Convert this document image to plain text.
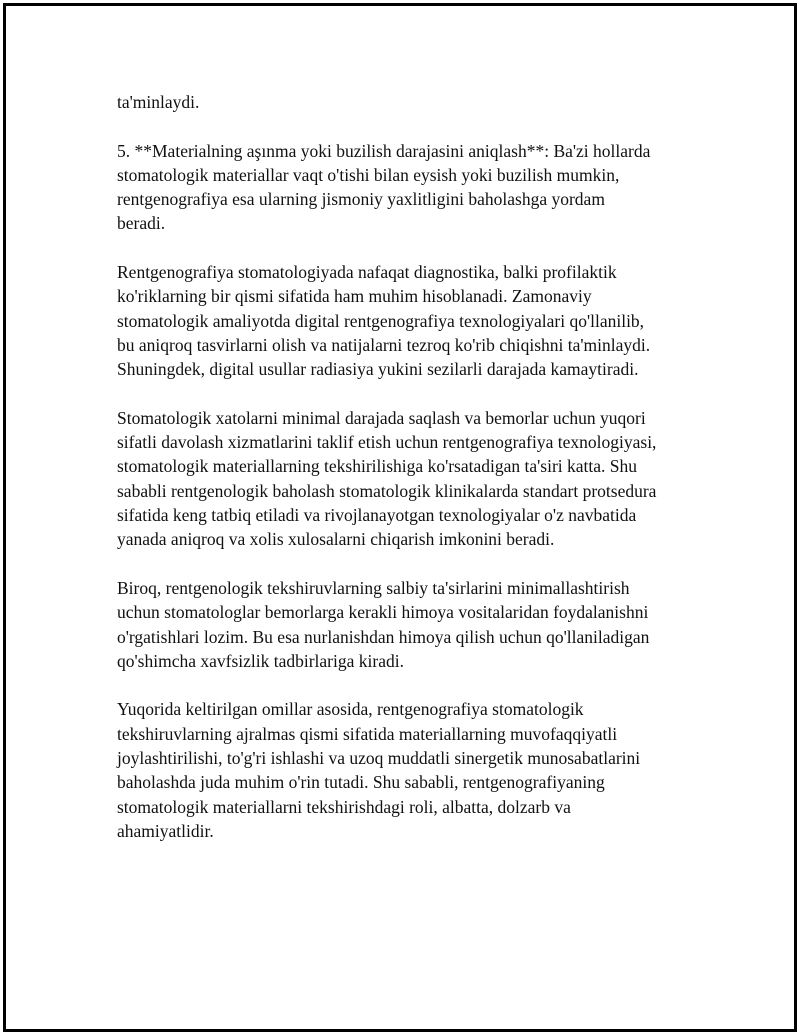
ta'minlaydi.

5. **Materialning aşınma yoki buzilish darajasini aniqlash**: Ba'zi hollarda
stomatologik materiallar vaqt o'tishi bilan eysish yoki buzilish mumkin,
rentgenografiya esa ularning jismoniy yaxlitligini baholashga yordam
beradi.

Rentgenografiya stomatologiyada nafaqat diagnostika, balki profilaktik
ko'riklarning bir qismi sifatida ham muhim hisoblanadi. Zamonaviy
stomatologik amaliyotda digital rentgenografiya texnologiyalari qo'llanilib,
bu aniqroq tasvirlarni olish va natijalarni tezroq ko'rib chiqishni ta'minlaydi.
Shuningdek, digital usullar radiasiya yukini sezilarli darajada kamaytiradi.

Stomatologik xatolarni minimal darajada saqlash va bemorlar uchun yuqori
sifatli davolash xizmatlarini taklif etish uchun rentgenografiya texnologiyasi,
stomatologik materiallarning tekshirilishiga ko'rsatadigan ta'siri katta. Shu
sababli rentgenologik baholash stomatologik klinikalarda standart protsedura
sifatida keng tatbiq etiladi va rivojlanayotgan texnologiyalar o'z navbatida
yanada aniqroq va xolis xulosalarni chiqarish imkonini beradi.

Biroq, rentgenologik tekshiruvlarning salbiy ta'sirlarini minimallashtirish
uchun stomatologlar bemorlarga kerakli himoya vositalaridan foydalanishni
o'rgatishlari lozim. Bu esa nurlanishdan himoya qilish uchun qo'llaniladigan
qo'shimcha xavfsizlik tadbirlariga kiradi.

Yuqorida keltirilgan omillar asosida, rentgenografiya stomatologik
tekshiruvlarning ajralmas qismi sifatida materiallarning muvofaqqiyatli
joylashtirilishi, to'g'ri ishlashi va uzoq muddatli sinergetik munosabatlarini
baholashda juda muhim o'rin tutadi. Shu sababli, rentgenografiyaning
stomatologik materiallarni tekshirishdagi roli, albatta, dolzarb va
ahamiyatlidir.
